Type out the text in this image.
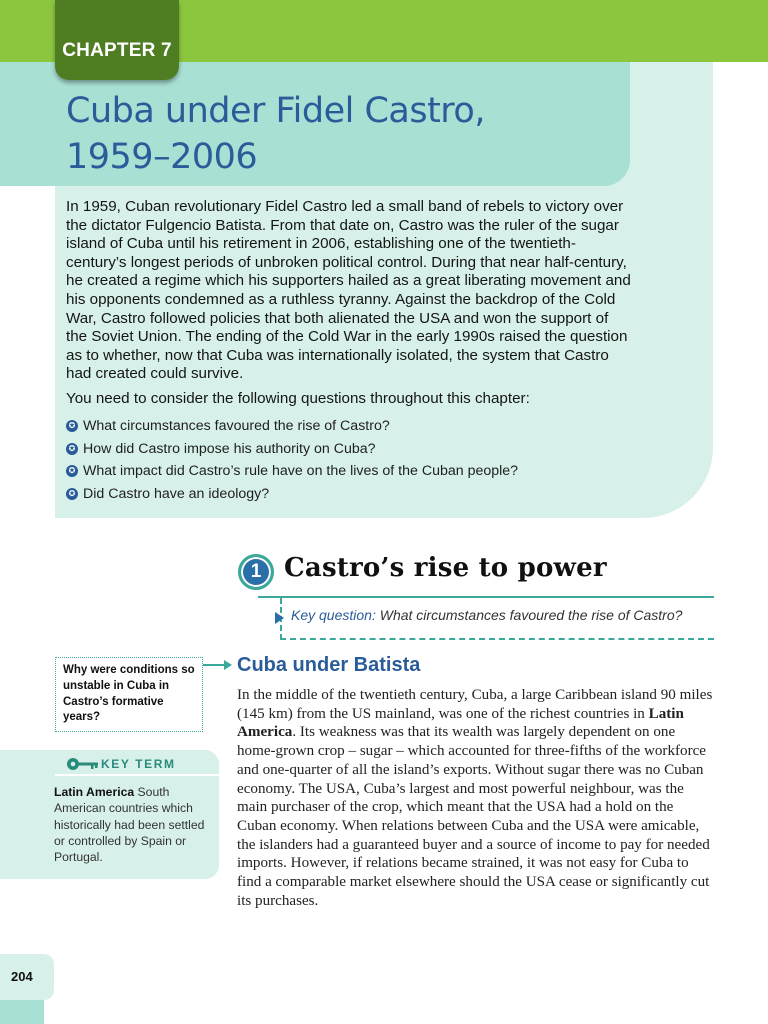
CHAPTER 7
Cuba under Fidel Castro,
1959–2006

In 1959, Cuban revolutionary Fidel Castro led a small band of rebels to victory over the dictator Fulgencio Batista. From that date on, Castro was the ruler of the sugar island of Cuba until his retirement in 2006, establishing one of the twentieth-century’s longest periods of unbroken political control. During that near half-century, he created a regime which his supporters hailed as a great liberating movement and his opponents condemned as a ruthless tyranny. Against the backdrop of the Cold War, Castro followed policies that both alienated the USA and won the support of the Soviet Union. The ending of the Cold War in the early 1990s raised the question as to whether, now that Cuba was internationally isolated, the system that Castro had created could survive.

You need to consider the following questions throughout this chapter:

✪ What circumstances favoured the rise of Castro?
✪ How did Castro impose his authority on Cuba?
✪ What impact did Castro’s rule have on the lives of the Cuban people?
✪ Did Castro have an ideology?
1 Castro’s rise to power

Key question: What circumstances favoured the rise of Castro?

Why were conditions so unstable in Cuba in Castro’s formative years?
KEY TERM

Latin America South American countries which historically had been settled or controlled by Spain or Portugal.

Cuba under Batista

In the middle of the twentieth century, Cuba, a large Caribbean island 90 miles (145 km) from the US mainland, was one of the richest countries in Latin America. Its weakness was that its wealth was largely dependent on one home-grown crop – sugar – which accounted for three-fifths of the workforce and one-quarter of all the island’s exports. Without sugar there was no Cuban economy. The USA, Cuba’s largest and most powerful neighbour, was the main purchaser of the crop, which meant that the USA had a hold on the Cuban economy. When relations between Cuba and the USA were amicable, the islanders had a guaranteed buyer and a source of income to pay for needed imports. However, if relations became strained, it was not easy for Cuba to find a comparable market elsewhere should the USA cease or significantly cut its purchases.

204
